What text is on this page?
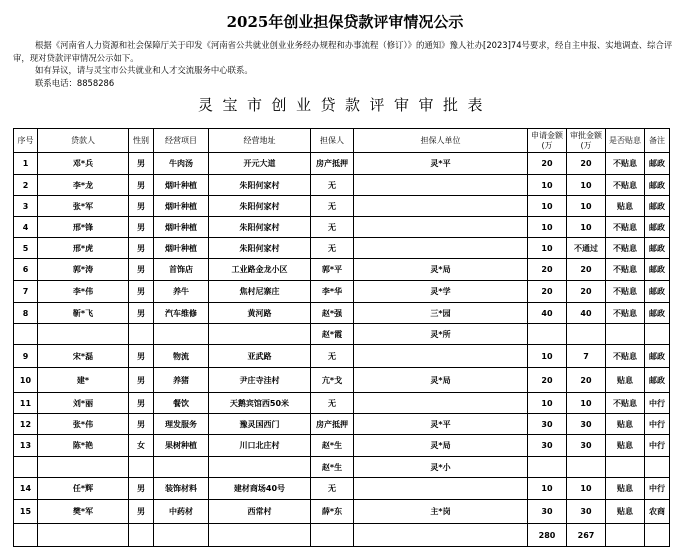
2025年创业担保贷款评审情况公示

根据《河南省人力资源和社会保障厅关于印发《河南省公共就业创业业务经办规程和办事流程（修订）》的通知》豫人社办[2023]74号要求，经自主申报、实地调查、综合评审，现对贷款评审情况公示如下。

如有异议，请与灵宝市公共就业和人才交流服务中心联系。

联系电话：8858286

灵宝市创业贷款评审审批表
序号	贷款人	性别	经营项目	经营地址	担保人	担保人单位	申请金额(万	审批金额(万	是否贴息	备注
1	邓*兵	男	牛肉汤	开元大道	房产抵押	灵*平	20	20	不贴息	邮政
2	李*龙	男	烟叶种植	朱阳何家村	无		10	10	不贴息	邮政
3	张*军	男	烟叶种植	朱阳何家村	无		10	10	贴息	邮政
4	邢*锋	男	烟叶种植	朱阳何家村	无		10	10	不贴息	邮政
5	邢*虎	男	烟叶种植	朱阳何家村	无		10	不通过	不贴息	邮政
6	郭*涛	男	首饰店	工业路金龙小区	郭*平	灵*局	20	20	不贴息	邮政
7	李*伟	男	养牛	焦村尼寨庄	李*华	灵*学	20	20	不贴息	邮政
8	靳*飞	男	汽车维修	黄河路	赵*强	三*园	40	40	不贴息	邮政
					赵*霞	灵*所				
9	宋*磊	男	物流	亚武路	无		10	7	不贴息	邮政
10	建*	男	养猪	尹庄寺洼村	亢*戈	灵*局	20	20	贴息	邮政
11	刘*丽	男	餐饮	天鹅宾馆西50米	无		10	10	不贴息	中行
12	张*伟	男	理发服务	豫灵国西门	房产抵押	灵*平	30	30	贴息	中行
13	陈*艳	女	果树种植	川口北庄村	赵*生	灵*局	30	30	贴息	中行
					赵*生	灵*小				
14	任*辉	男	装饰材料	建材商场40号	无		10	10	贴息	中行
15	樊*军	男	中药材	西常村	薛*东	主*岗	30	30	贴息	农商
							280	267		
